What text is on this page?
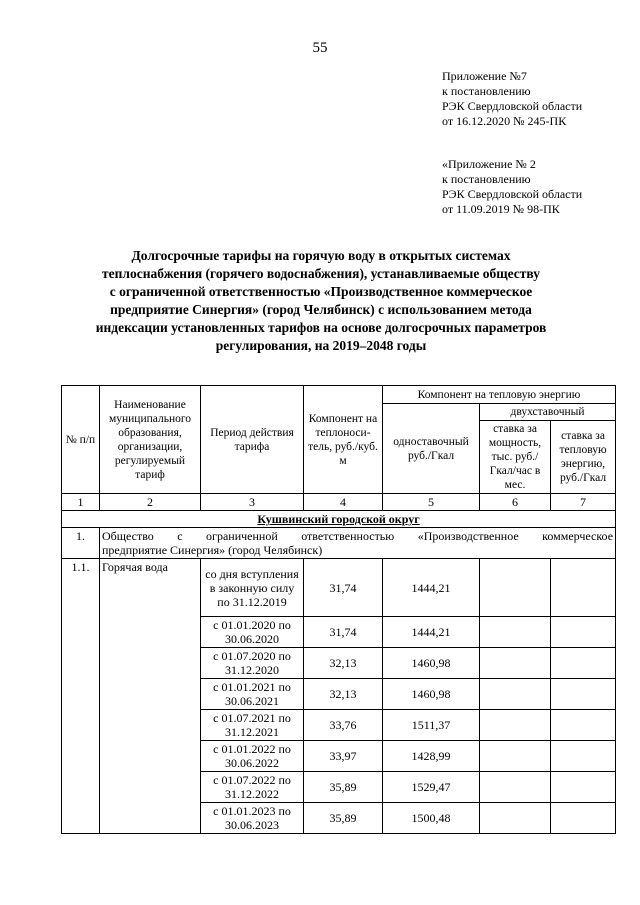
55
Приложение №7
к постановлению
РЭК Свердловской области
от 16.12.2020 № 245-ПК
«Приложение № 2
к постановлению
РЭК Свердловской области
от 11.09.2019 № 98-ПК
Долгосрочные тарифы на горячую воду в открытых системах
теплоснабжения (горячего водоснабжения), устанавливаемые обществу
с ограниченной ответственностью «Производственное коммерческое
предприятие Синергия» (город Челябинск) с использованием метода
индексации установленных тарифов на основе долгосрочных параметров
регулирования, на 2019–2048 годы
№ п/п	Наименование муниципального образования, организации, регулируемый тариф	Период действия тарифа	Компонент на теплоноси-тель, руб./куб. м	Компонент на тепловую энергию		
				одноставочный руб./Гкал	двухставочный	
					ставка за мощность, тыс. руб./Гкал/час в мес.	ставка за тепловую энергию, руб./Гкал
1	2	3	4	5	6	7
Кушвинский городской округ						
1.	Общество с ограниченной ответственностью «Производственное коммерческое
предприятие Синергия» (город Челябинск)					

1.1.	Горячая вода	со дня вступления в законную силу по 31.12.2019	31,74	1444,21		
		с 01.01.2020 по 30.06.2020	31,74	1444,21		
		с 01.07.2020 по 31.12.2020	32,13	1460,98		
		с 01.01.2021 по 30.06.2021	32,13	1460,98		
		с 01.07.2021 по 31.12.2021	33,76	1511,37		
		с 01.01.2022 по 30.06.2022	33,97	1428,99		
		с 01.07.2022 по 31.12.2022	35,89	1529,47		
		с 01.01.2023 по 30.06.2023	35,89	1500,48		
